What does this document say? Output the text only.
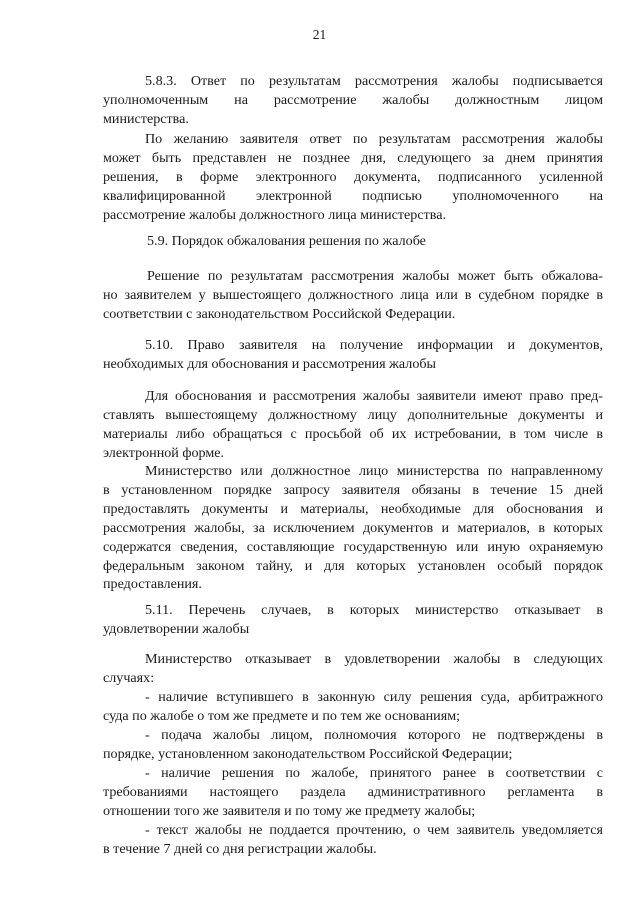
21
5.8.3. Ответ по результатам рассмотрения жалобы подписывается
уполномоченным на рассмотрение жалобы должностным лицом
министерства.
По желанию заявителя ответ по результатам рассмотрения жалобы
может быть представлен не позднее дня, следующего за днем принятия
решения, в форме электронного документа, подписанного усиленной
квалифицированной электронной подписью уполномоченного на
рассмотрение жалобы должностного лица министерства.
5.9. Порядок обжалования решения по жалобе
Решение по результатам рассмотрения жалобы может быть обжалова-
но заявителем у вышестоящего должностного лица или в судебном порядке в
соответствии с законодательством Российской Федерации.
5.10. Право заявителя на получение информации и документов,
необходимых для обоснования и рассмотрения жалобы
Для обоснования и рассмотрения жалобы заявители имеют право пред-
ставлять вышестоящему должностному лицу дополнительные документы и
материалы либо обращаться с просьбой об их истребовании, в том числе в
электронной форме.
Министерство или должностное лицо министерства по направленному
в установленном порядке запросу заявителя обязаны в течение 15 дней
предоставлять документы и материалы, необходимые для обоснования и
рассмотрения жалобы, за исключением документов и материалов, в которых
содержатся сведения, составляющие государственную или иную охраняемую
федеральным законом тайну, и для которых установлен особый порядок
предоставления.
5.11. Перечень случаев, в которых министерство отказывает в
удовлетворении жалобы
Министерство отказывает в удовлетворении жалобы в следующих
случаях:
- наличие вступившего в законную силу решения суда, арбитражного
суда по жалобе о том же предмете и по тем же основаниям;
- подача жалобы лицом, полномочия которого не подтверждены в
порядке, установленном законодательством Российской Федерации;
- наличие решения по жалобе, принятого ранее в соответствии с
требованиями настоящего раздела административного регламента в
отношении того же заявителя и по тому же предмету жалобы;
- текст жалобы не поддается прочтению, о чем заявитель уведомляется
в течение 7 дней со дня регистрации жалобы.
